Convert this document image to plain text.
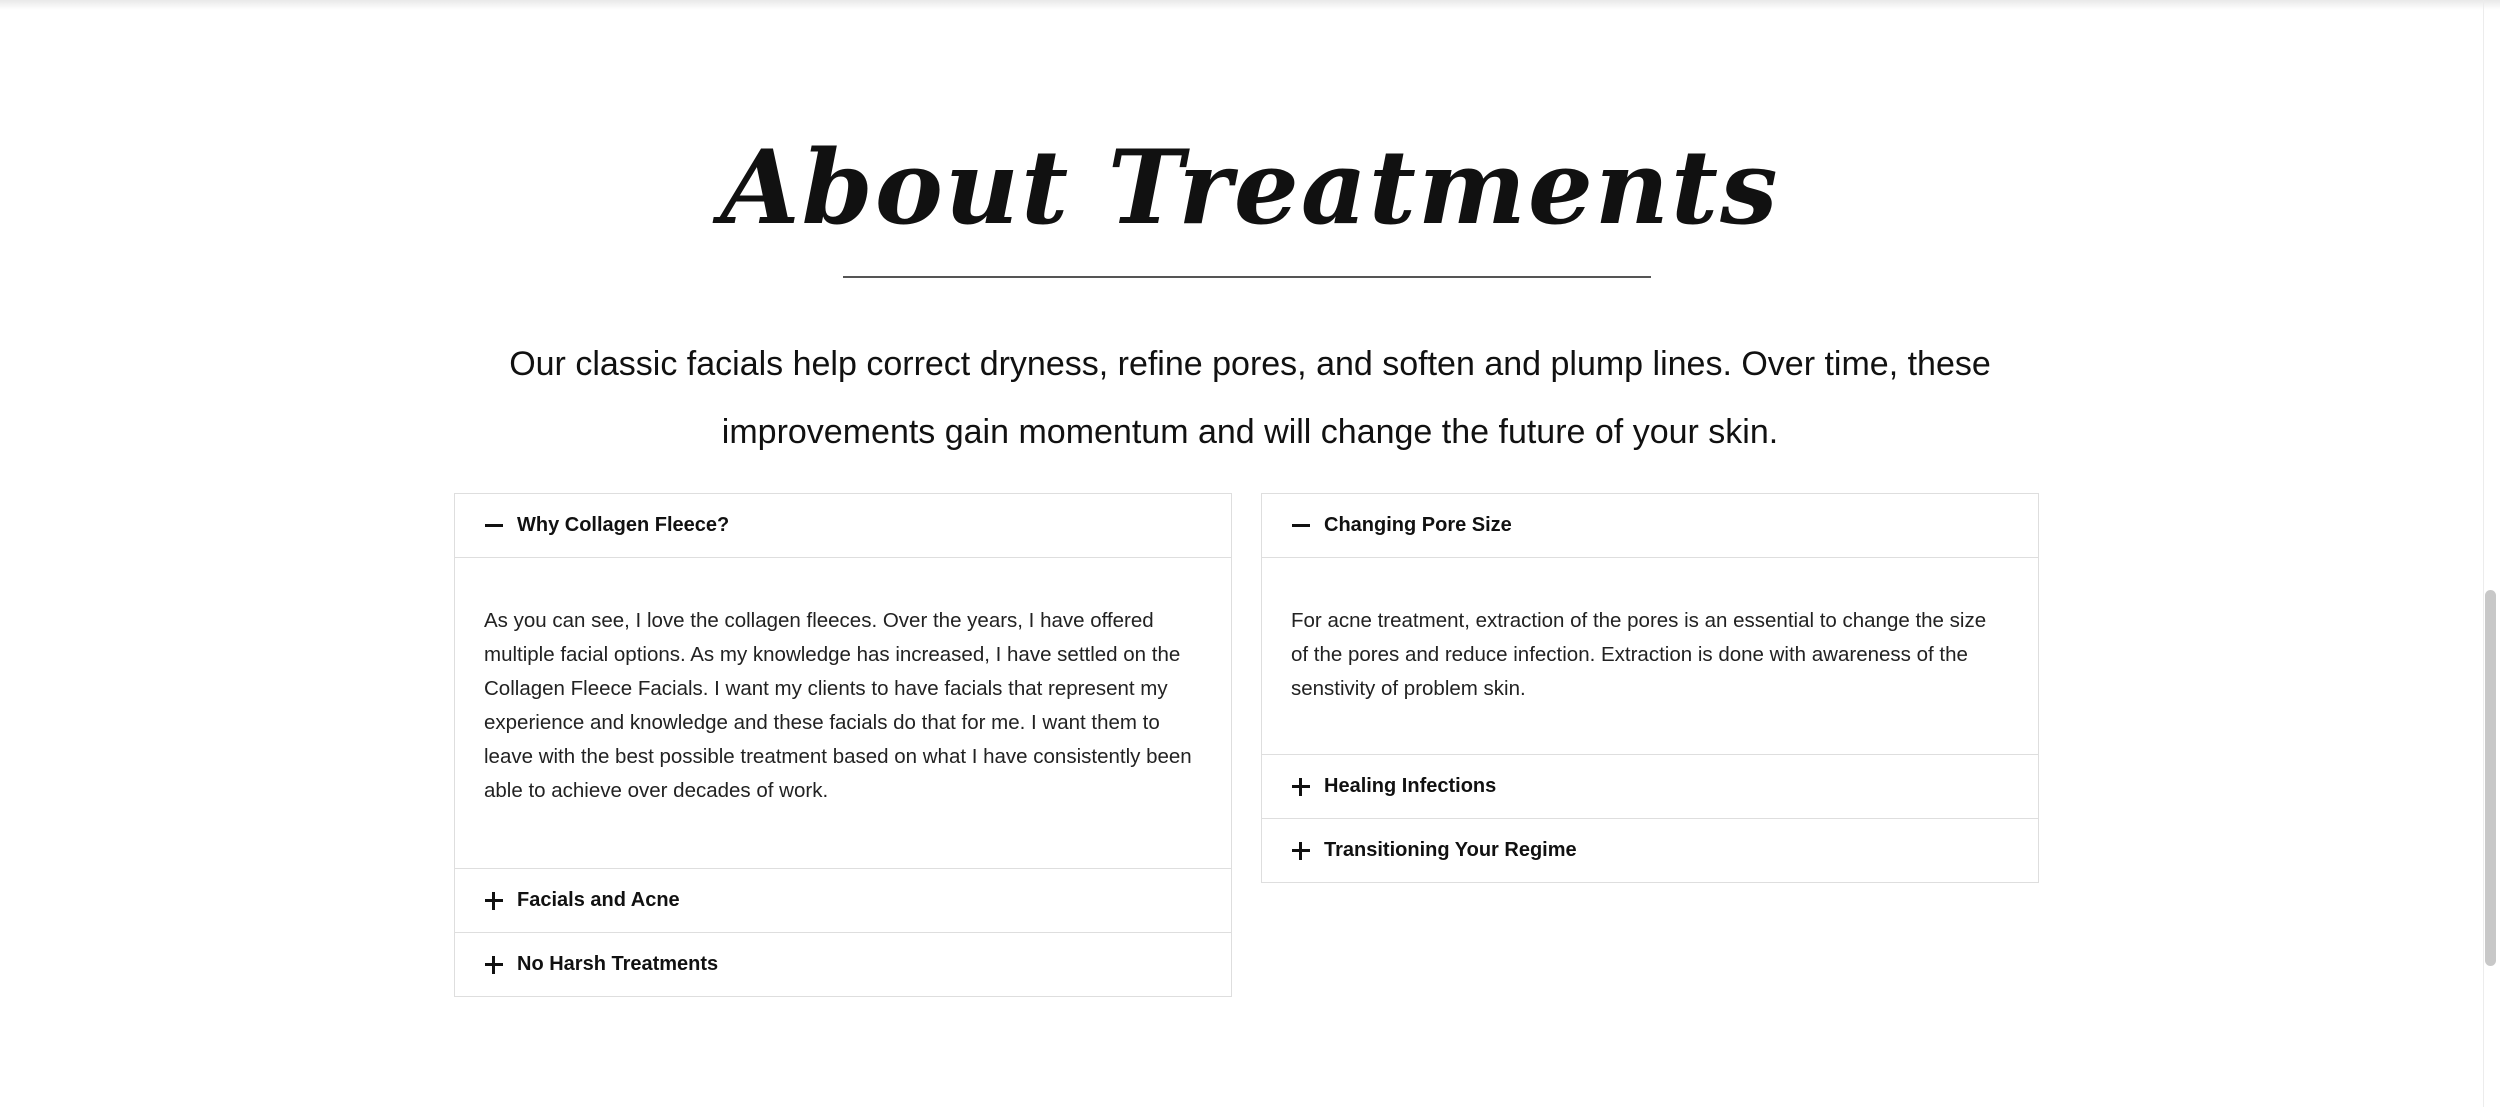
About Treatments

Our classic facials help correct dryness, refine pores, and soften and plump lines. Over time, these improvements gain momentum and will change the future of your skin.

Why Collagen Fleece?
As you can see, I love the collagen fleeces. Over the years, I have offered multiple facial options. As my knowledge has increased, I have settled on the Collagen Fleece Facials. I want my clients to have facials that represent my experience and knowledge and these facials do that for me. I want them to leave with the best possible treatment based on what I have consistently been able to achieve over decades of work.
Facials and Acne
No Harsh Treatments
Changing Pore Size
For acne treatment, extraction of the pores is an essential to change the size of the pores and reduce infection. Extraction is done with awareness of the senstivity of problem skin.
Healing Infections
Transitioning Your Regime
